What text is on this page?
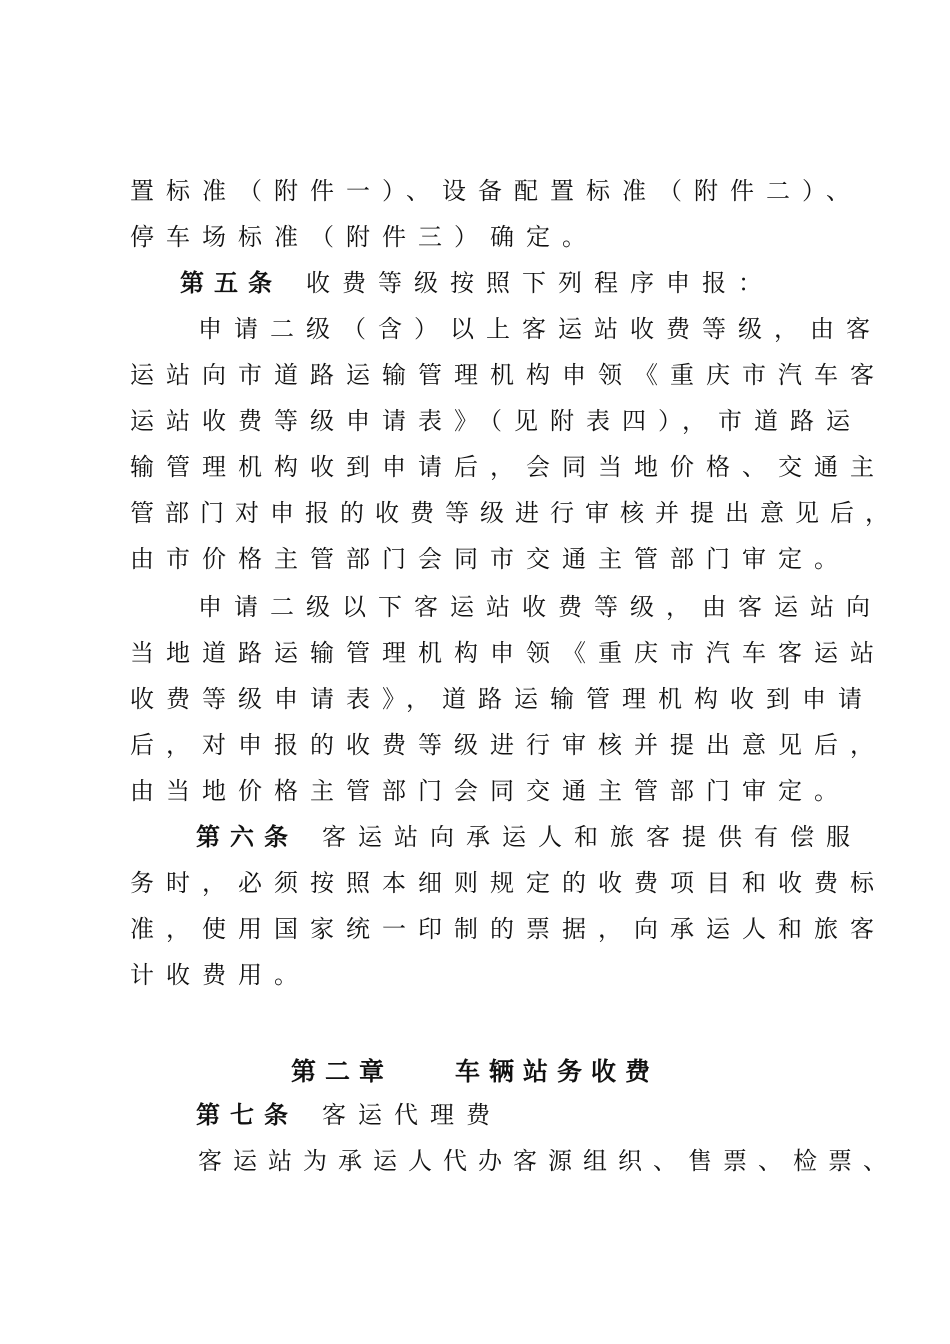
置标准（附件一）、设备配置标准（附件二）、
停车场标准（附件三）确定。
第五条 收费等级按照下列程序申报：
申请二级（含）以上客运站收费等级，由客
运站向市道路运输管理机构申领《重庆市汽车客
运站收费等级申请表》（见附表四），市道路运
输管理机构收到申请后，会同当地价格、交通主
管部门对申报的收费等级进行审核并提出意见后，
由市价格主管部门会同市交通主管部门审定。
申请二级以下客运站收费等级，由客运站向
当地道路运输管理机构申领《重庆市汽车客运站
收费等级申请表》，道路运输管理机构收到申请
后，对申报的收费等级进行审核并提出意见后，
由当地价格主管部门会同交通主管部门审定。
第六条 客运站向承运人和旅客提供有偿服
务时，必须按照本细则规定的收费项目和收费标
准，使用国家统一印制的票据，向承运人和旅客
计收费用。
第二章 车辆站务收费
第七条 客运代理费
客运站为承运人代办客源组织、售票、检票、
